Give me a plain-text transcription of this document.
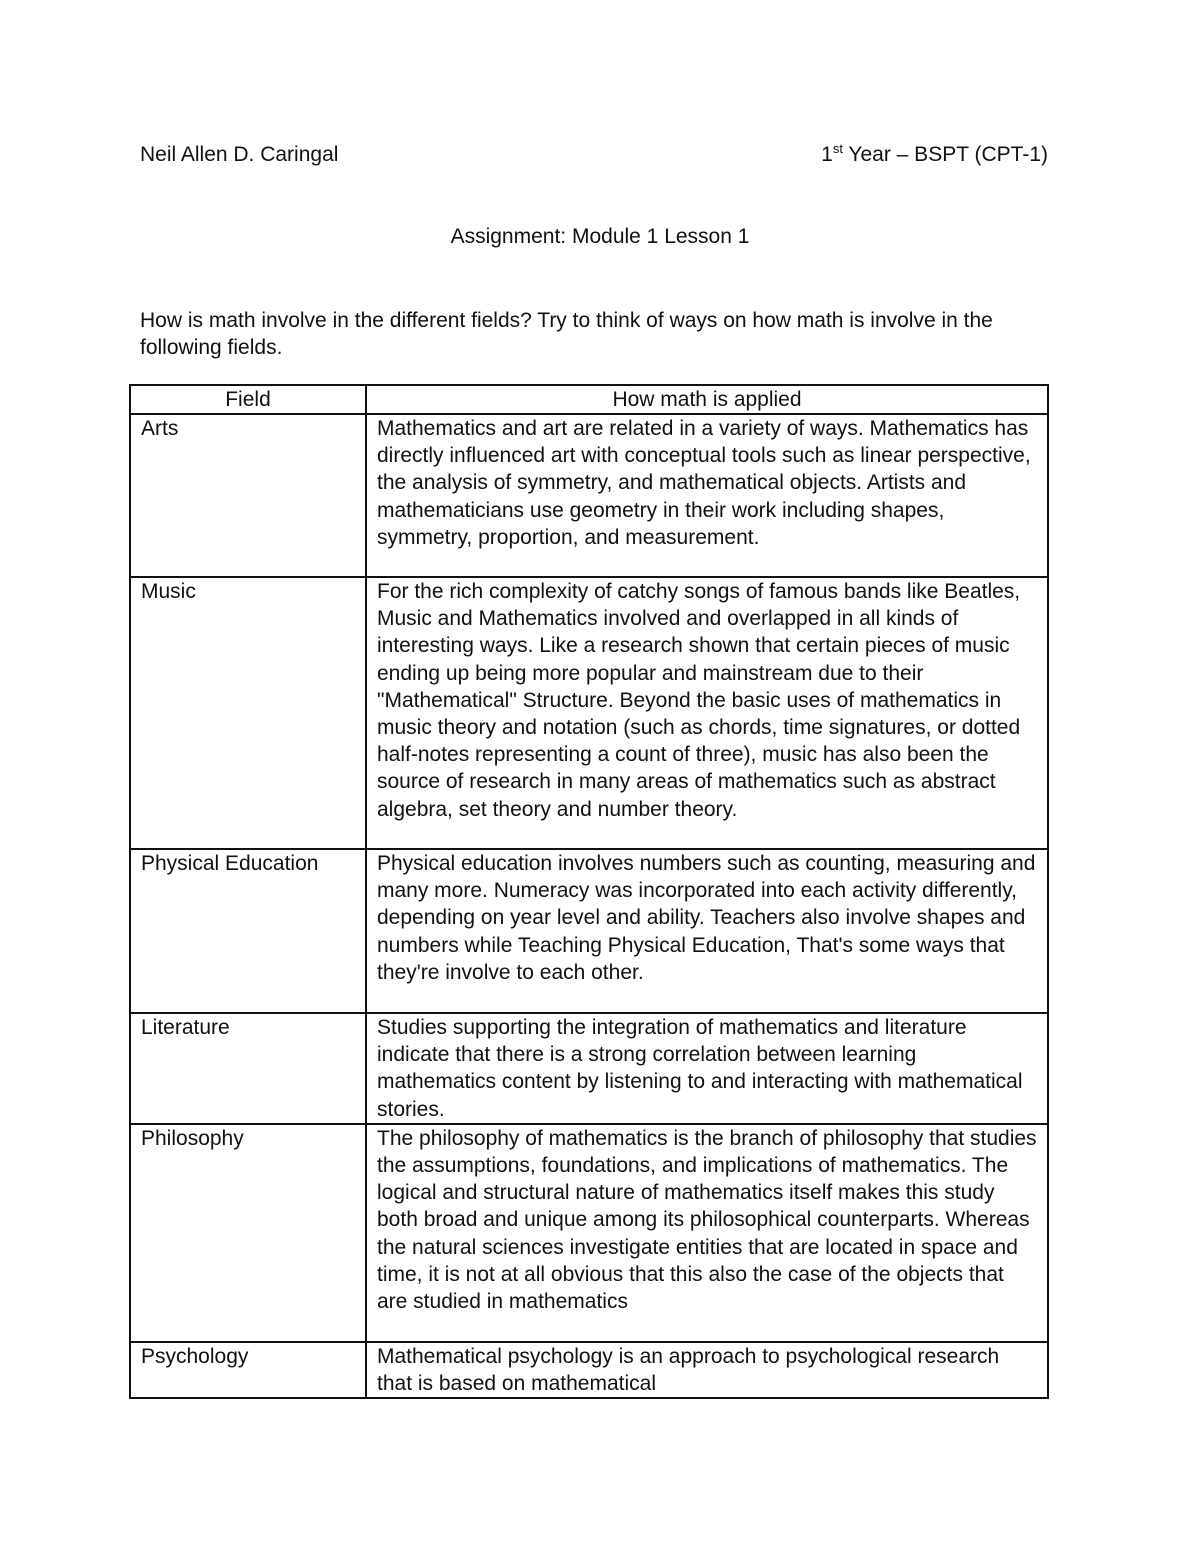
Neil Allen D. Caringal	1st Year – BSPT (CPT-1)
Assignment: Module 1 Lesson 1
How is math involve in the different fields? Try to think of ways on how math is involve in the following fields.
Field	How math is applied
Arts	Mathematics and art are related in a variety of ways. Mathematics has directly influenced art with conceptual tools such as linear perspective, the analysis of symmetry, and mathematical objects. Artists and mathematicians use geometry in their work including shapes, symmetry, proportion, and measurement.
Music	For the rich complexity of catchy songs of famous bands like Beatles, Music and Mathematics involved and overlapped in all kinds of interesting ways. Like a research shown that certain pieces of music ending up being more popular and mainstream due to their "Mathematical" Structure. Beyond the basic uses of mathematics in music theory and notation (such as chords, time signatures, or dotted half-notes representing a count of three), music has also been the source of research in many areas of mathematics such as abstract algebra, set theory and number theory.
Physical Education	Physical education involves numbers such as counting, measuring and many more. Numeracy was incorporated into each activity differently, depending on year level and ability. Teachers also involve shapes and numbers while Teaching Physical Education, That's some ways that they're involve to each other.
Literature	Studies supporting the integration of mathematics and literature indicate that there is a strong correlation between learning mathematics content by listening to and interacting with mathematical stories.
Philosophy	The philosophy of mathematics is the branch of philosophy that studies the assumptions, foundations, and implications of mathematics. The logical and structural nature of mathematics itself makes this study both broad and unique among its philosophical counterparts. Whereas the natural sciences investigate entities that are located in space and time, it is not at all obvious that this also the case of the objects that are studied in mathematics
Psychology	Mathematical psychology is an approach to psychological research that is based on mathematical
